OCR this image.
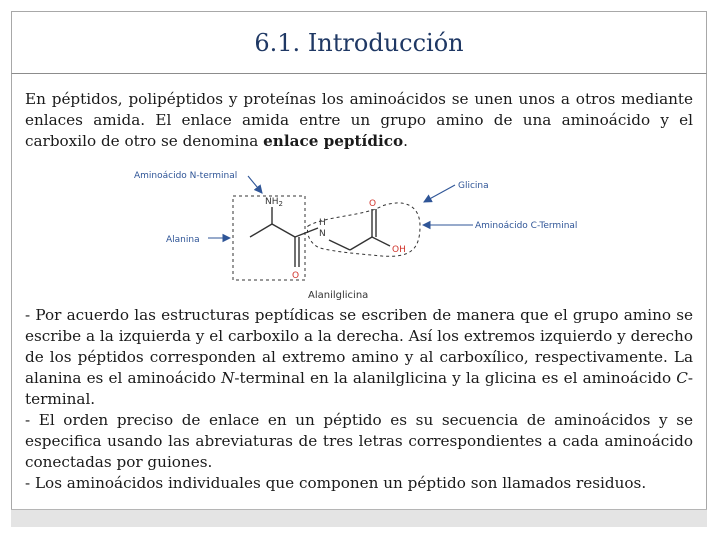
6.1. Introducción

En péptidos, polipéptidos y proteínas los aminoácidos se unen unos a otros mediante enlaces amida. El enlace amida entre un grupo amino de una aminoácido y el carboxilo de otro se denomina enlace peptídico.

$NH_2$
H
N
O
OH
O
Aminoácido N-terminal
Glicina
Alanina
Aminoácido C-Terminal
Alanilglicina

- Por acuerdo las estructuras peptídicas se escriben de manera que el grupo amino se escribe a la izquierda y el carboxilo a la derecha. Así los extremos izquierdo y derecho de los péptidos corresponden al extremo amino y al carboxílico, respectivamente. La alanina es el aminoácido N-terminal en la alanilglicina y la glicina es el aminoácido C-terminal.
- El orden preciso de enlace en un péptido es su secuencia de aminoácidos y se especifica usando las abreviaturas de tres letras correspondientes a cada aminoácido conectadas por guiones.
- Los aminoácidos individuales que componen un péptido son llamados residuos.
